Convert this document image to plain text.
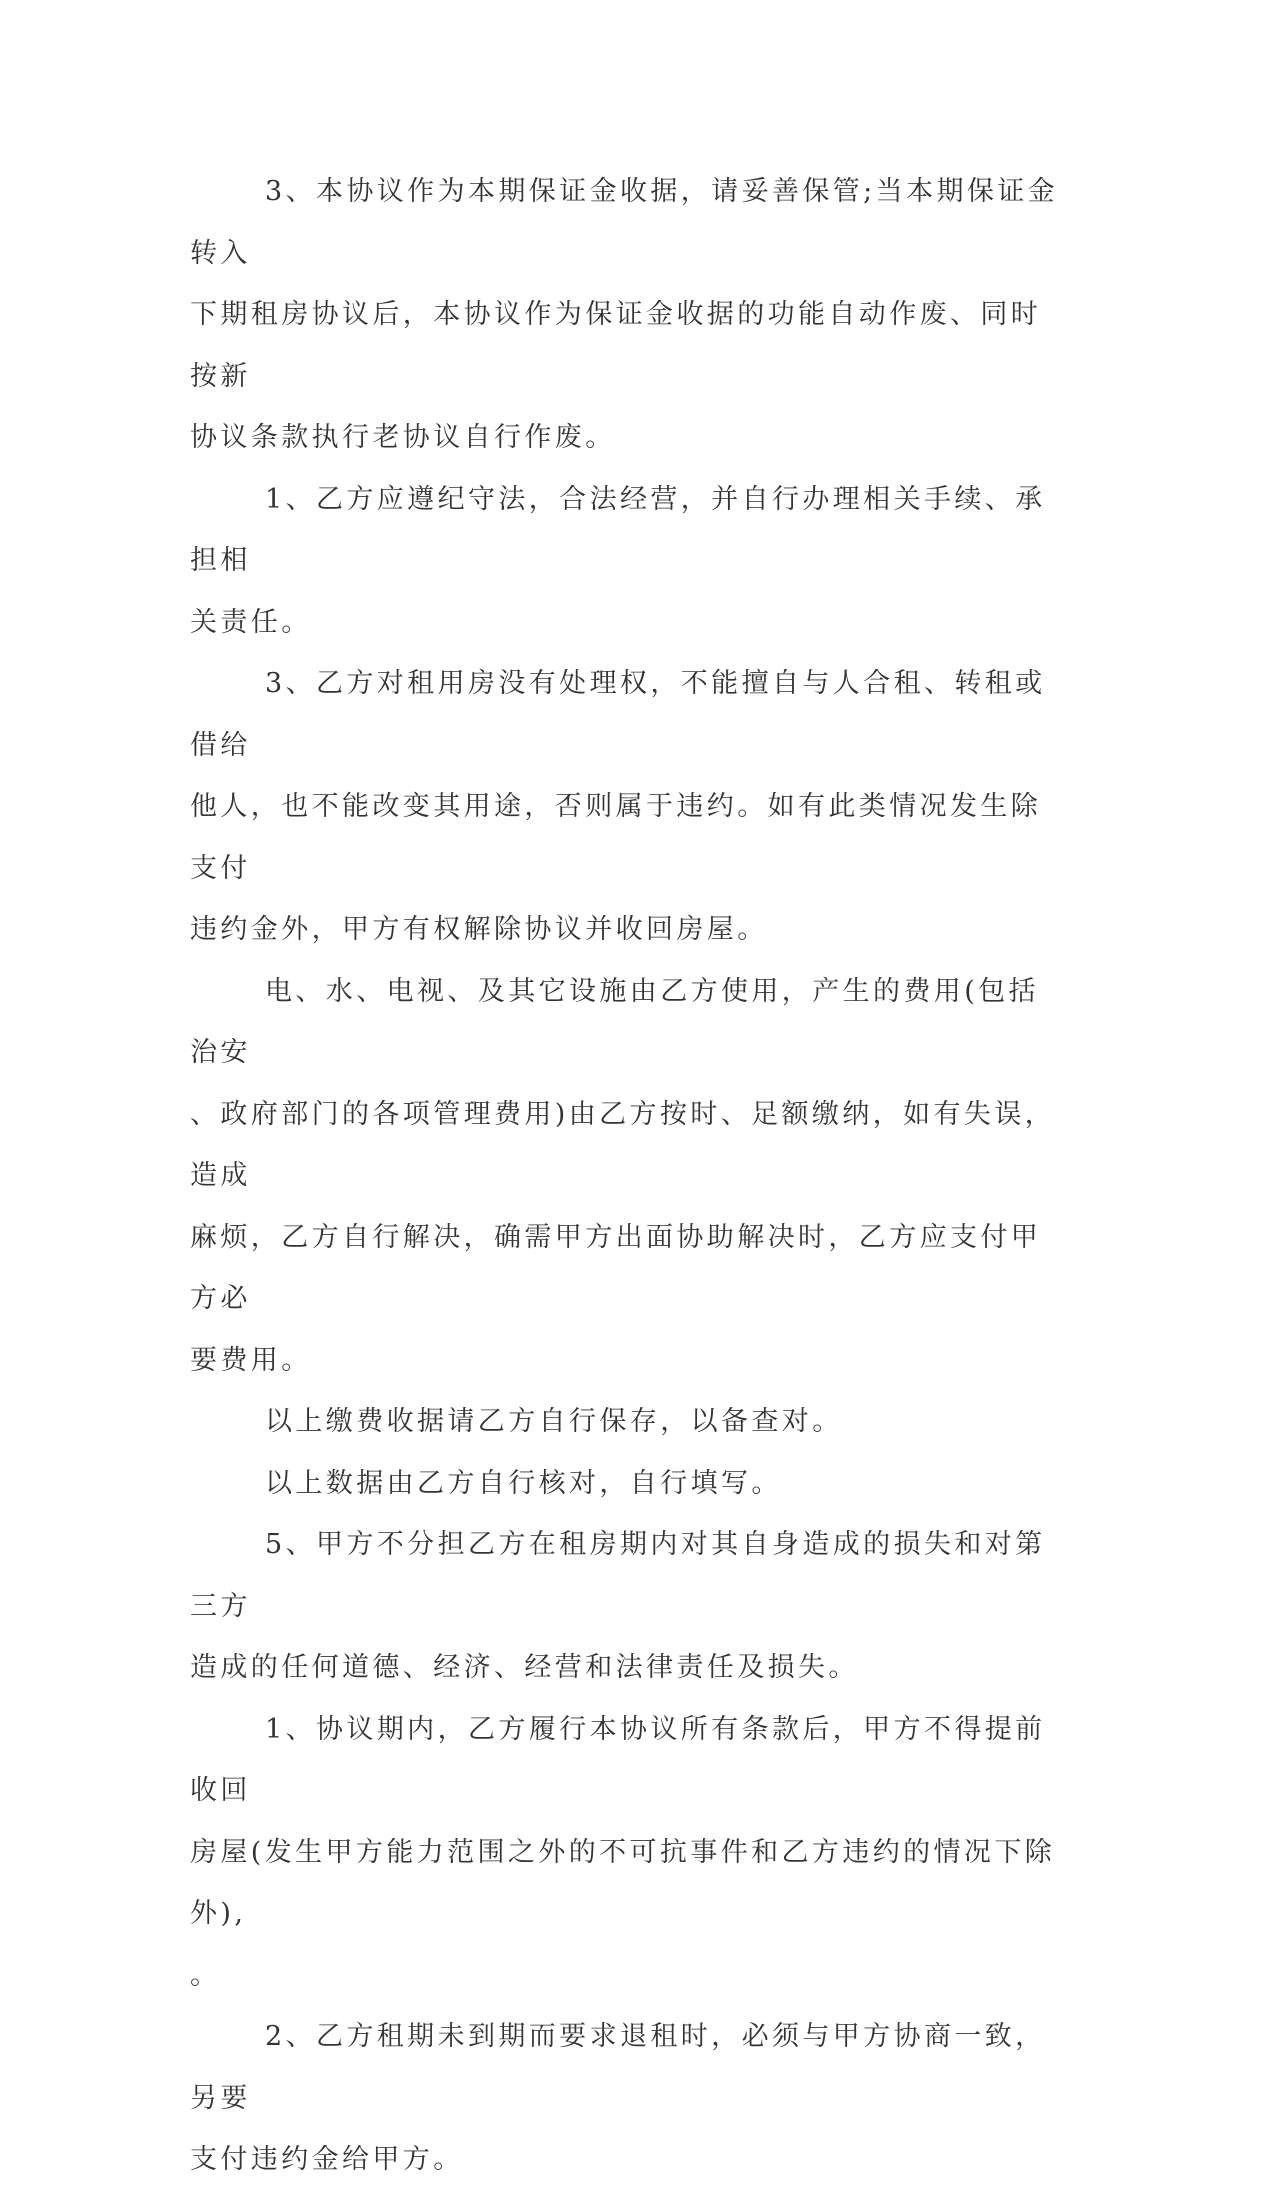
3、本协议作为本期保证金收据，请妥善保管;当本期保证金转入
下期租房协议后，本协议作为保证金收据的功能自动作废、同时按新
协议条款执行老协议自行作废。

1、乙方应遵纪守法，合法经营，并自行办理相关手续、承担相
关责任。

3、乙方对租用房没有处理权，不能擅自与人合租、转租或借给
他人，也不能改变其用途，否则属于违约。如有此类情况发生除支付
违约金外，甲方有权解除协议并收回房屋。

电、水、电视、及其它设施由乙方使用，产生的费用(包括治安
、政府部门的各项管理费用)由乙方按时、足额缴纳，如有失误，造成
麻烦，乙方自行解决，确需甲方出面协助解决时，乙方应支付甲方必
要费用。

以上缴费收据请乙方自行保存，以备查对。

以上数据由乙方自行核对，自行填写。

5、甲方不分担乙方在租房期内对其自身造成的损失和对第三方
造成的任何道德、经济、经营和法律责任及损失。

1、协议期内，乙方履行本协议所有条款后，甲方不得提前收回
房屋(发生甲方能力范围之外的不可抗事件和乙方违约的情况下除外),
。

2、乙方租期未到期而要求退租时，必须与甲方协商一致，另要
支付违约金给甲方。
